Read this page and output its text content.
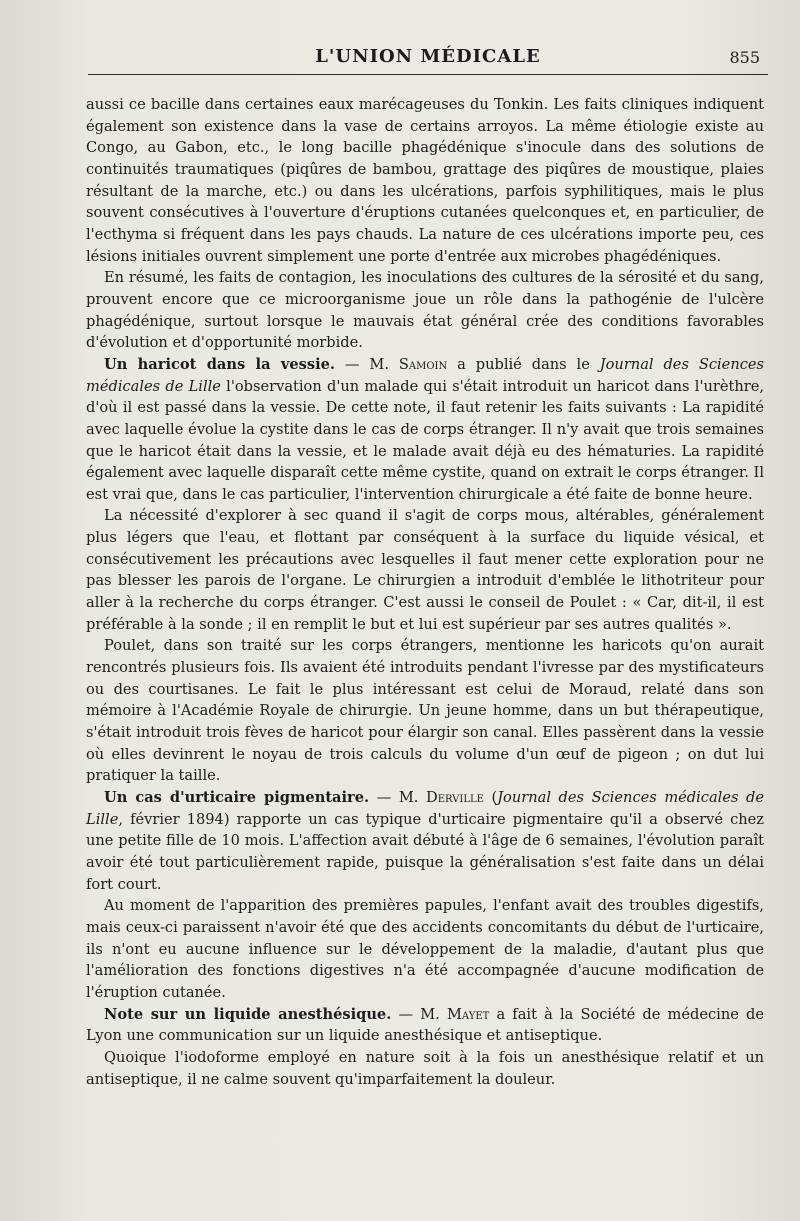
L'UNION MÉDICALE	855

aussi ce bacille dans certaines eaux marécageuses du Tonkin. Les faits cliniques indiquent également son existence dans la vase de certains arroyos. La même étiologie existe au Congo, au Gabon, etc., le long bacille phagédénique s'inocule dans des solutions de continuités traumatiques (piqûres de bambou, grattage des piqûres de moustique, plaies résultant de la marche, etc.) ou dans les ulcérations, parfois syphilitiques, mais le plus souvent consécutives à l'ouverture d'éruptions cutanées quelconques et, en particulier, de l'ecthyma si fréquent dans les pays chauds. La nature de ces ulcérations importe peu, ces lésions initiales ouvrent simplement une porte d'entrée aux microbes phagédéniques.

En résumé, les faits de contagion, les inoculations des cultures de la sérosité et du sang, prouvent encore que ce microorganisme joue un rôle dans la pathogénie de l'ulcère phagédénique, surtout lorsque le mauvais état général crée des conditions favorables d'évolution et d'opportunité morbide.

Un haricot dans la vessie. — M. Samoin a publié dans le Journal des Sciences médicales de Lille l'observation d'un malade qui s'était introduit un haricot dans l'urèthre, d'où il est passé dans la vessie. De cette note, il faut retenir les faits suivants : La rapidité avec laquelle évolue la cystite dans le cas de corps étranger. Il n'y avait que trois semaines que le haricot était dans la vessie, et le malade avait déjà eu des hématuries. La rapidité également avec laquelle disparaît cette même cystite, quand on extrait le corps étranger. Il est vrai que, dans le cas particulier, l'intervention chirurgicale a été faite de bonne heure.

La nécessité d'explorer à sec quand il s'agit de corps mous, altérables, généralement plus légers que l'eau, et flottant par conséquent à la surface du liquide vésical, et consécutivement les précautions avec lesquelles il faut mener cette exploration pour ne pas blesser les parois de l'organe. Le chirurgien a introduit d'emblée le lithotriteur pour aller à la recherche du corps étranger. C'est aussi le conseil de Poulet : « Car, dit-il, il est préférable à la sonde ; il en remplit le but et lui est supérieur par ses autres qualités ».

Poulet, dans son traité sur les corps étrangers, mentionne les haricots qu'on aurait rencontrés plusieurs fois. Ils avaient été introduits pendant l'ivresse par des mystificateurs ou des courtisanes. Le fait le plus intéressant est celui de Moraud, relaté dans son mémoire à l'Académie Royale de chirurgie. Un jeune homme, dans un but thérapeutique, s'était introduit trois fèves de haricot pour élargir son canal. Elles passèrent dans la vessie où elles devinrent le noyau de trois calculs du volume d'un œuf de pigeon ; on dut lui pratiquer la taille.

Un cas d'urticaire pigmentaire. — M. Derville (Journal des Sciences médicales de Lille, février 1894) rapporte un cas typique d'urticaire pigmentaire qu'il a observé chez une petite fille de 10 mois. L'affection avait débuté à l'âge de 6 semaines, l'évolution paraît avoir été tout particulièrement rapide, puisque la généralisation s'est faite dans un délai fort court.

Au moment de l'apparition des premières papules, l'enfant avait des troubles digestifs, mais ceux-ci paraissent n'avoir été que des accidents concomitants du début de l'urticaire, ils n'ont eu aucune influence sur le développement de la maladie, d'autant plus que l'amélioration des fonctions digestives n'a été accompagnée d'aucune modification de l'éruption cutanée.

Note sur un liquide anesthésique. — M. Mayet a fait à la Société de médecine de Lyon une communication sur un liquide anesthésique et antiseptique.

Quoique l'iodoforme employé en nature soit à la fois un anesthésique relatif et un antiseptique, il ne calme souvent qu'imparfaitement la douleur.
